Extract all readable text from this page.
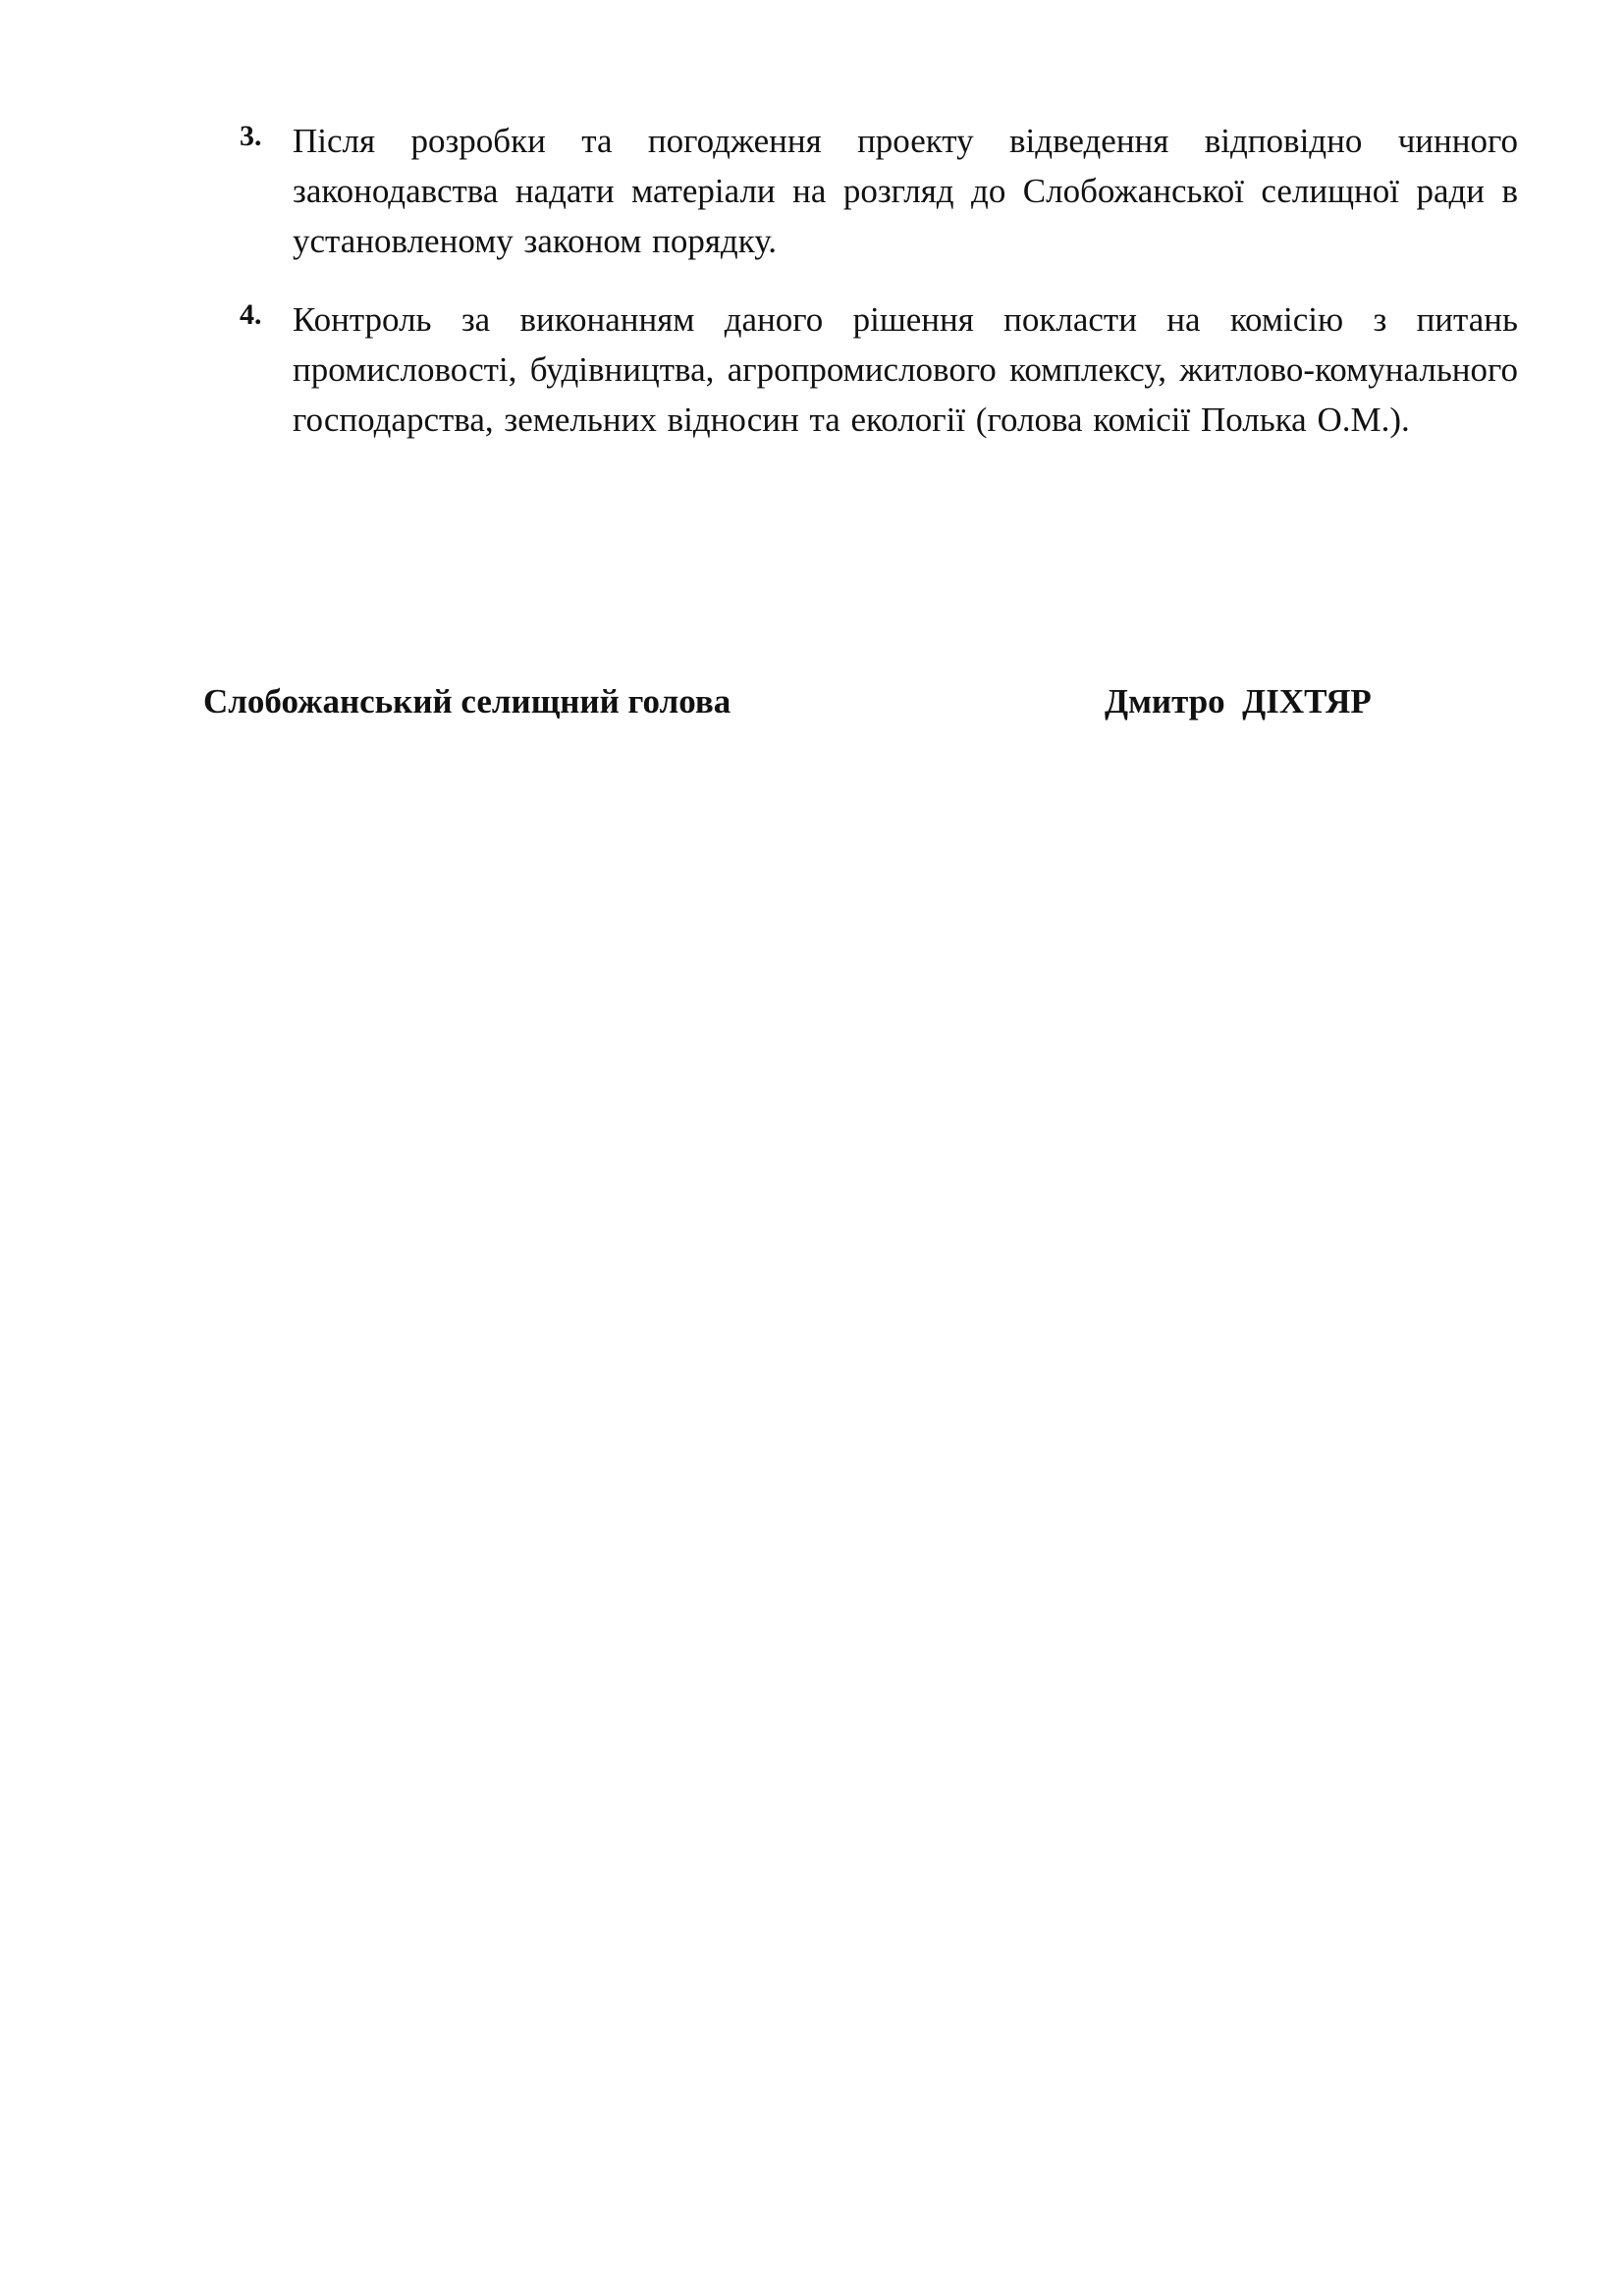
3. Після розробки та погодження проекту відведення відповідно чинного законодавства надати матеріали на розгляд до Слобожанської селищної ради в установленому законом порядку.
4. Контроль за виконанням даного рішення покласти на комісію з питань промисловості, будівництва, агропромислового комплексу, житлово-комунального господарства, земельних відносин та екології (голова комісії Полька О.М.).
Слобожанський селищний голова	Дмитро  ДІХТЯР
